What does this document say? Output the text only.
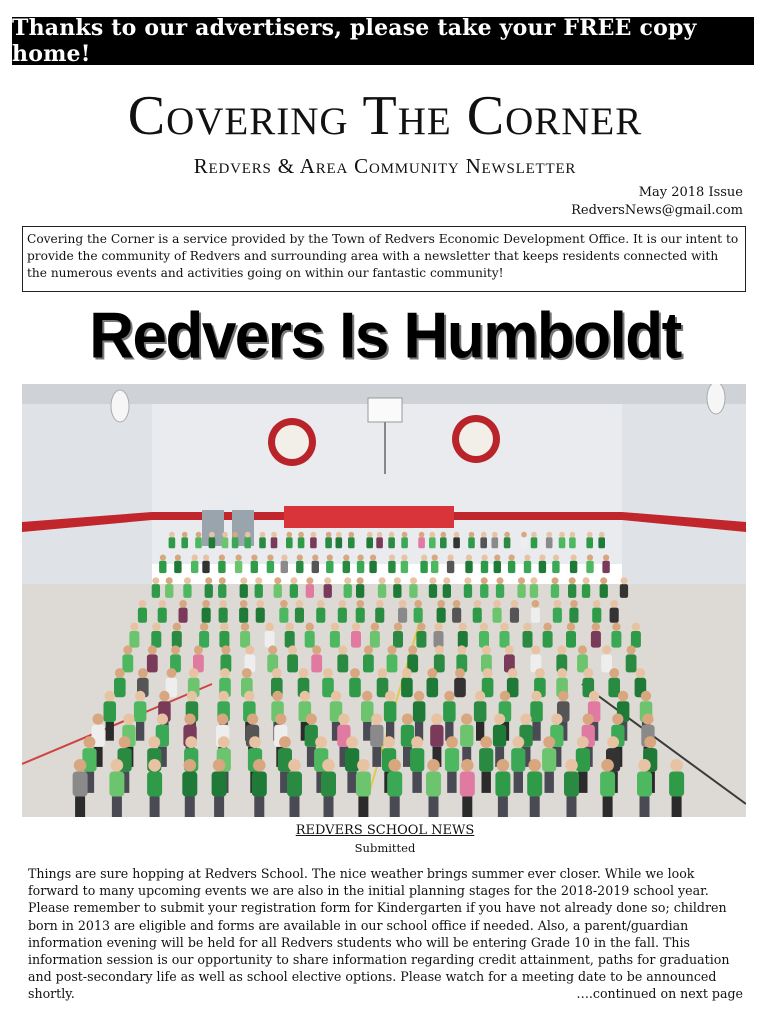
Thanks to our advertisers, please take your FREE copy home!
Covering The Corner
Redvers & Area Community Newsletter
May 2018 Issue
RedversNews@gmail.com
Covering the Corner is a service provided by the Town of Redvers Economic Development Office. It is our intent to provide the community of Redvers and surrounding area with a newsletter that keeps residents connected with the numerous events and activities going on within our fantastic community!
Redvers Is Humboldt
REDVERS SCHOOL NEWS
Submitted
Things are sure hopping at Redvers School. The nice weather brings summer ever closer. While we look forward to many upcoming events we are also in the initial planning stages for the 2018-2019 school year. Please remember to submit your registration form for Kindergarten if you have not already done so; children born in 2013 are eligible and forms are available in our school office if needed. Also, a parent/guardian information evening will be held for all Redvers students who will be entering Grade 10 in the fall. This information session is our opportunity to share information regarding credit attainment, paths for graduation and post-secondary life as well as school elective options. Please watch for a meeting date to be announced shortly.	….continued on next page
